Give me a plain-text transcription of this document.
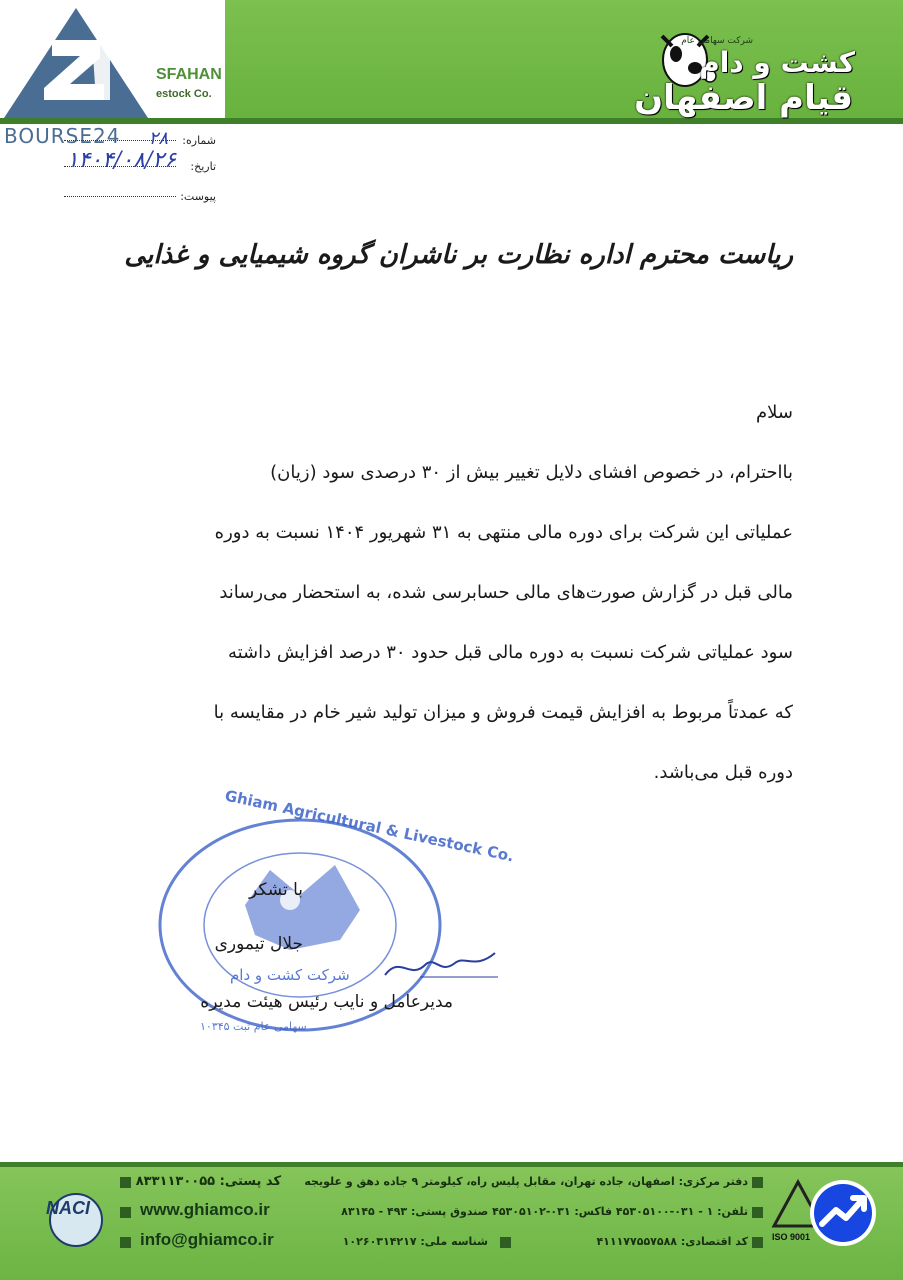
SFAHAN
estock Co.
BOURSE24
شرکت سهامی عام
کشت و دام
قیام اصفهان
شماره:
۲۸
تاریخ:
۱۴۰۴/۰۸/۲۶
پیوست:
ریاست محترم اداره نظارت بر ناشران گروه شیمیایی و غذایی
سلام
بااحترام، در خصوص افشای دلایل تغییر بیش از ۳۰ درصدی سود (زیان)
عملیاتی این شرکت برای دوره مالی منتهی به ۳۱ شهریور ۱۴۰۴ نسبت به دوره
مالی قبل در گزارش صورت‌های مالی حسابرسی شده، به استحضار می‌رساند
سود عملیاتی شرکت نسبت به دوره مالی قبل حدود ۳۰ درصد افزایش داشته
که عمدتاً مربوط به افزایش قیمت فروش و میزان تولید شیر خام در مقایسه با
دوره قبل می‌باشد.
Ghiam Agricultural & Livestock Co.
شرکت کشت و دام
سهامی عام ثبت ۱۰۳۴۵
با تشکر
جلال تیموری
مدیرعامل و نایب رئیس هیئت مدیره
NACI
کد پستی: ۸۳۳۱۱۳۰۰۵۵
www.ghiamco.ir
info@ghiamco.ir
دفتر مرکزی: اصفهان، جاده تهران، مقابل پلیس راه، کیلومتر ۹ جاده دهق و علویجه
تلفن: ۱ - ۰۳۱-۴۵۳۰۵۱۰۰ فاکس: ۰۳۱-۴۵۳۰۵۱۰۲ صندوق پستی: ۴۹۳ - ۸۳۱۴۵
کد اقتصادی: ۴۱۱۱۷۷۵۵۷۵۸۸
شناسه ملی: ۱۰۲۶۰۳۱۴۲۱۷	ISO 9001
